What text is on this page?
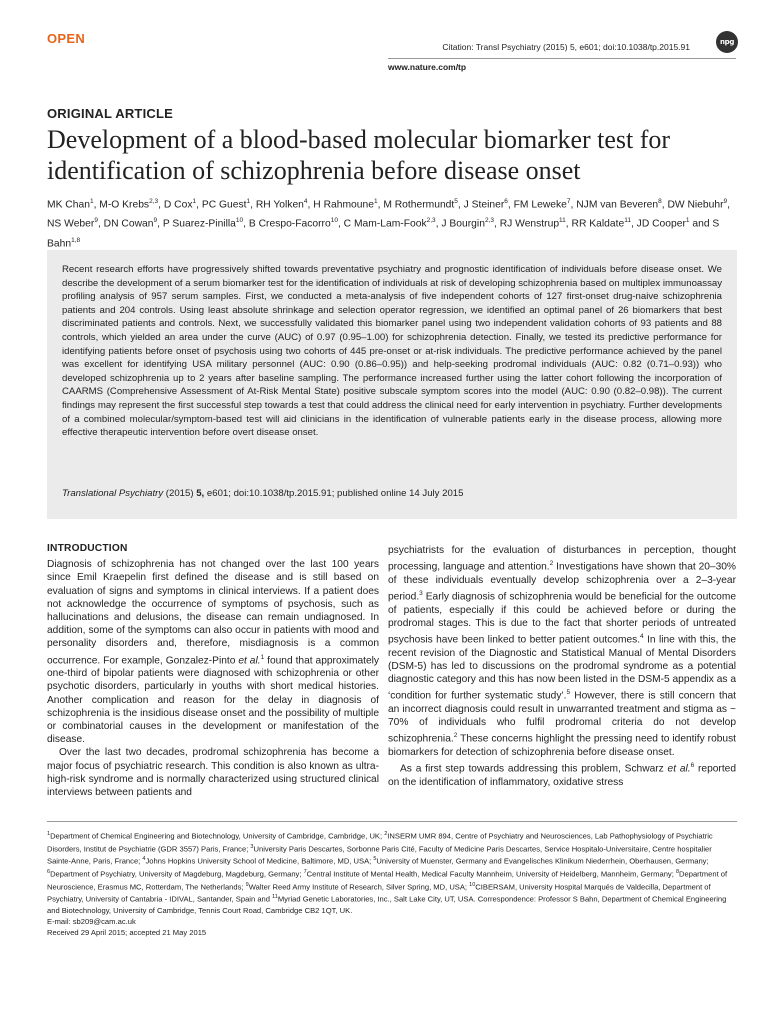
OPEN
Citation: Transl Psychiatry (2015) 5, e601; doi:10.1038/tp.2015.91	npg
www.nature.com/tp
ORIGINAL ARTICLE
Development of a blood-based molecular biomarker test for identification of schizophrenia before disease onset
MK Chan$^1$, M-O Krebs$^{2,3}$, D Cox$^1$, PC Guest$^1$, RH Yolken$^4$, H Rahmoune$^1$, M Rothermundt$^5$, J Steiner$^6$, FM Leweke$^7$, NJM van Beveren$^8$, DW Niebuhr$^9$, NS Weber$^9$, DN Cowan$^9$, P Suarez-Pinilla$^{10}$, B Crespo-Facorro$^{10}$, C Mam-Lam-Fook$^{2,3}$, J Bourgin$^{2,3}$, RJ Wenstrup$^{11}$, RR Kaldate$^{11}$, JD Cooper$^1$ and S Bahn$^{1,8}$

Recent research efforts have progressively shifted towards preventative psychiatry and prognostic identification of individuals before disease onset. We describe the development of a serum biomarker test for the identification of individuals at risk of developing schizophrenia based on multiplex immunoassay profiling analysis of 957 serum samples. First, we conducted a meta-analysis of five independent cohorts of 127 first-onset drug-naive schizophrenia patients and 204 controls. Using least absolute shrinkage and selection operator regression, we identified an optimal panel of 26 biomarkers that best discriminated patients and controls. Next, we successfully validated this biomarker panel using two independent validation cohorts of 93 patients and 88 controls, which yielded an area under the curve (AUC) of 0.97 (0.95–1.00) for schizophrenia detection. Finally, we tested its predictive performance for identifying patients before onset of psychosis using two cohorts of 445 pre-onset or at-risk individuals. The predictive performance achieved by the panel was excellent for identifying USA military personnel (AUC: 0.90 (0.86–0.95)) and help-seeking prodromal individuals (AUC: 0.82 (0.71–0.93)) who developed schizophrenia up to 2 years after baseline sampling. The performance increased further using the latter cohort following the incorporation of CAARMS (Comprehensive Assessment of At-Risk Mental State) positive subscale symptom scores into the model (AUC: 0.90 (0.82–0.98)). The current findings may represent the first successful step towards a test that could address the clinical need for early intervention in psychiatry. Further developments of a combined molecular/symptom-based test will aid clinicians in the identification of vulnerable patients early in the disease process, allowing more effective therapeutic intervention before overt disease onset.

Translational Psychiatry (2015) 5, e601; doi:10.1038/tp.2015.91; published online 14 July 2015
INTRODUCTION

Diagnosis of schizophrenia has not changed over the last 100 years since Emil Kraepelin first defined the disease and is still based on evaluation of signs and symptoms in clinical interviews. If a patient does not acknowledge the occurrence of symptoms of psychosis, such as hallucinations and delusions, the disease can remain undiagnosed. In addition, some of the symptoms can also occur in patients with mood and personality disorders and, therefore, misdiagnosis is a common occurrence. For example, Gonzalez-Pinto et al.$^1$ found that approximately one-third of bipolar patients were diagnosed with schizophrenia or other psychotic disorders, particularly in youths with short medical histories. Another complication and reason for the delay in diagnosis of schizophrenia is the insidious disease onset and the possibility of multiple or combinatorial causes in the development or manifestation of the disease.

Over the last two decades, prodromal schizophrenia has become a major focus of psychiatric research. This condition is also known as ultra-high-risk syndrome and is normally characterized using structured clinical interviews between patients and

psychiatrists for the evaluation of disturbances in perception, thought processing, language and attention.$^2$ Investigations have shown that 20–30% of these individuals eventually develop schizophrenia over a 2–3-year period.$^3$ Early diagnosis of schizophrenia would be beneficial for the outcome of patients, especially if this could be achieved before or during the prodromal stages. This is due to the fact that shorter periods of untreated psychosis have been linked to better patient outcomes.$^4$ In line with this, the recent revision of the Diagnostic and Statistical Manual of Mental Disorders (DSM-5) has led to discussions on the prodromal syndrome as a potential diagnostic category and this has now been listed in the DSM-5 appendix as a ‘condition for further systematic study’.$^5$ However, there is still concern that an incorrect diagnosis could result in unwarranted treatment and stigma as ~ 70% of individuals who fulfil prodromal criteria do not develop schizophrenia.$^2$ These concerns highlight the pressing need to identify robust biomarkers for detection of schizophrenia before disease onset.

As a first step towards addressing this problem, Schwarz et al.$^6$ reported on the identification of inflammatory, oxidative stress

$^1$Department of Chemical Engineering and Biotechnology, University of Cambridge, Cambridge, UK; $^2$INSERM UMR 894, Centre of Psychiatry and Neurosciences, Lab Pathophysiology of Psychiatric Disorders, Institut de Psychiatrie (GDR 3557) Paris, France; $^3$University Paris Descartes, Sorbonne Paris Cité, Faculty of Medicine Paris Descartes, Service Hospitalo-Universitaire, Centre hospitalier Sainte-Anne, Paris, France; $^4$Johns Hopkins University School of Medicine, Baltimore, MD, USA; $^5$University of Muenster, Germany and Evangelisches Klinikum Niederrhein, Oberhausen, Germany; $^6$Department of Psychiatry, University of Magdeburg, Magdeburg, Germany; $^7$Central Institute of Mental Health, Medical Faculty Mannheim, University of Heidelberg, Mannheim, Germany; $^8$Department of Neuroscience, Erasmus MC, Rotterdam, The Netherlands; $^9$Walter Reed Army Institute of Research, Silver Spring, MD, USA; $^{10}$CIBERSAM, University Hospital Marqués de Valdecilla, Department of Psychiatry, University of Cantabria - IDIVAL, Santander, Spain and $^{11}$Myriad Genetic Laboratories, Inc., Salt Lake City, UT, USA. Correspondence: Professor S Bahn, Department of Chemical Engineering and Biotechnology, University of Cambridge, Tennis Court Road, Cambridge CB2 1QT, UK.
E-mail: sb209@cam.ac.uk
Received 29 April 2015; accepted 21 May 2015
